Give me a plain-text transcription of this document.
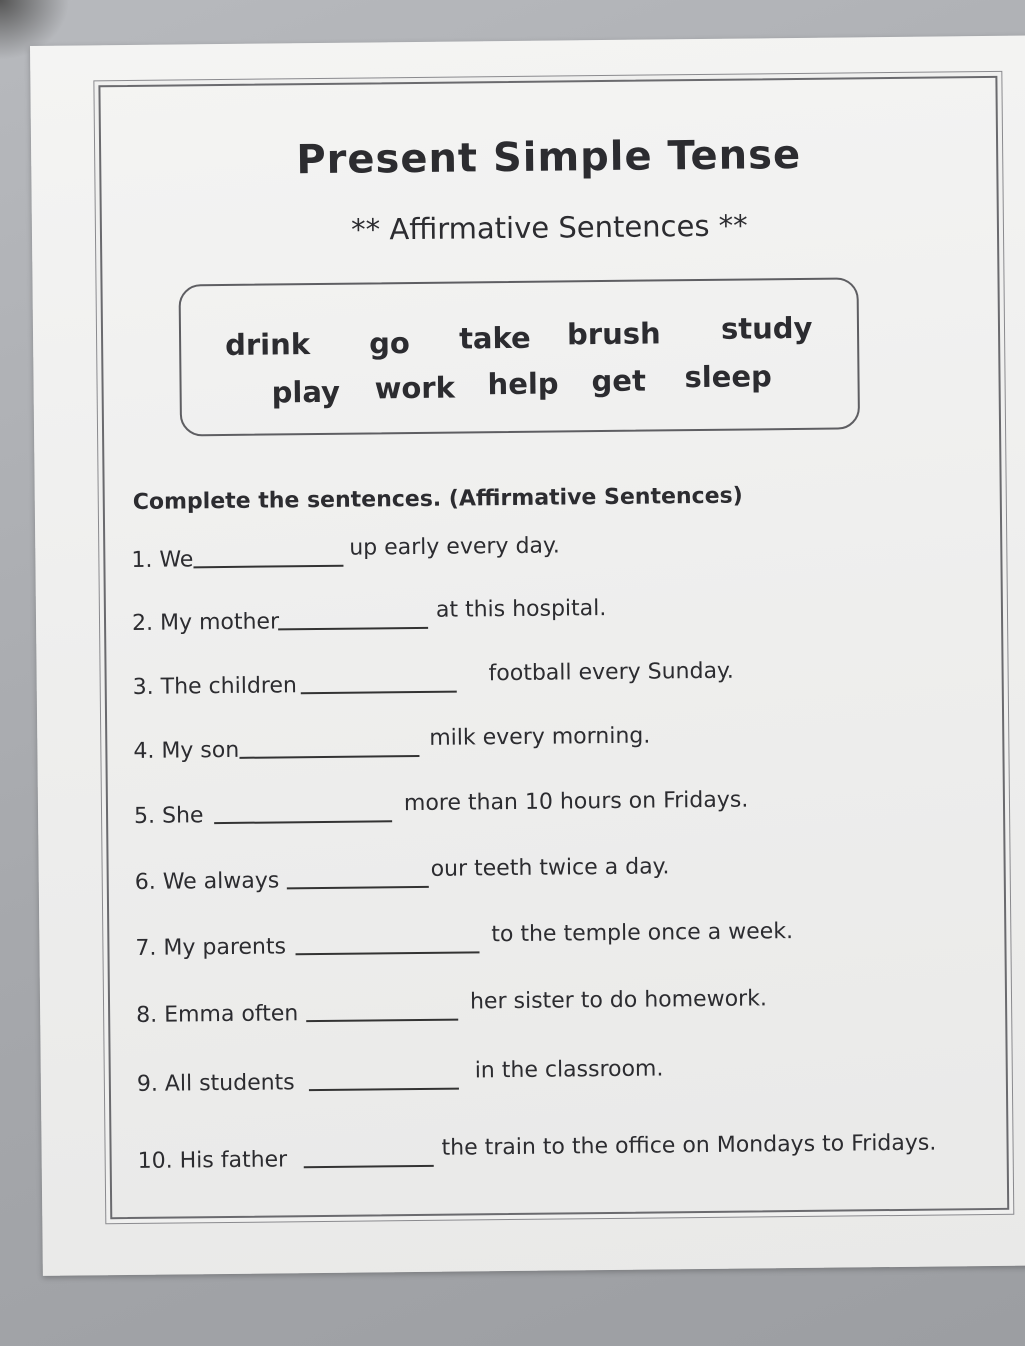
Present Simple Tense
** Affirmative Sentences **
drink go take brush study
play work help get sleep
Complete the sentences. (Affirmative Sentences)
1. We	up early every day.
2. My mother	at this hospital.
3. The children
football every Sunday.
4. My son
milk every morning.
5. She	more than 10 hours on Fridays.
6. We always	our teeth twice a day.
7. My parents
to the temple once a week.
8. Emma often
her sister to do homework.
9. All students
in the classroom.
10. His father	the train to the office on Mondays to Fridays.
